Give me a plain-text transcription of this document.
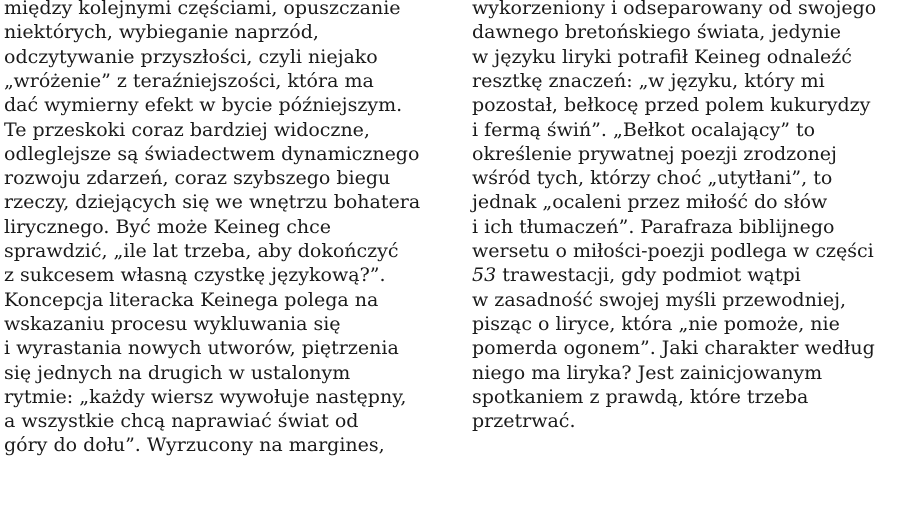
między kolejnymi częściami, opuszczanie
niektórych, wybieganie naprzód,
odczytywanie przyszłości, czyli niejako
„wróżenie” z teraźniejszości, która ma
dać wymierny efekt w bycie późniejszym.
Te przeskoki coraz bardziej widoczne,
odleglejsze są świadectwem dynamicznego
rozwoju zdarzeń, coraz szybszego biegu
rzeczy, dziejących się we wnętrzu bohatera
lirycznego. Być może Keineg chce
sprawdzić, „ile lat trzeba, aby dokończyć
z sukcesem własną czystkę językową?”.
Koncepcja literacka Keinega polega na
wskazaniu procesu wykluwania się
i wyrastania nowych utworów, piętrzenia
się jednych na drugich w ustalonym
rytmie: „każdy wiersz wywołuje następny,
a wszystkie chcą naprawiać świat od
góry do dołu”. Wyrzucony na margines,
wykorzeniony i odseparowany od swojego
dawnego bretońskiego świata, jedynie
w języku liryki potrafił Keineg odnaleźć
resztkę znaczeń: „w języku, który mi
pozostał, bełkocę przed polem kukurydzy
i fermą świń”. „Bełkot ocalający” to
określenie prywatnej poezji zrodzonej
wśród tych, którzy choć „utytłani”, to
jednak „ocaleni przez miłość do słów
i ich tłumaczeń”. Parafraza biblijnego
wersetu o miłości-poezji podlega w części
53 trawestacji, gdy podmiot wątpi
w zasadność swojej myśli przewodniej,
pisząc o liryce, która „nie pomoże, nie
pomerda ogonem”. Jaki charakter według
niego ma liryka? Jest zainicjowanym
spotkaniem z prawdą, które trzeba
przetrwać.
